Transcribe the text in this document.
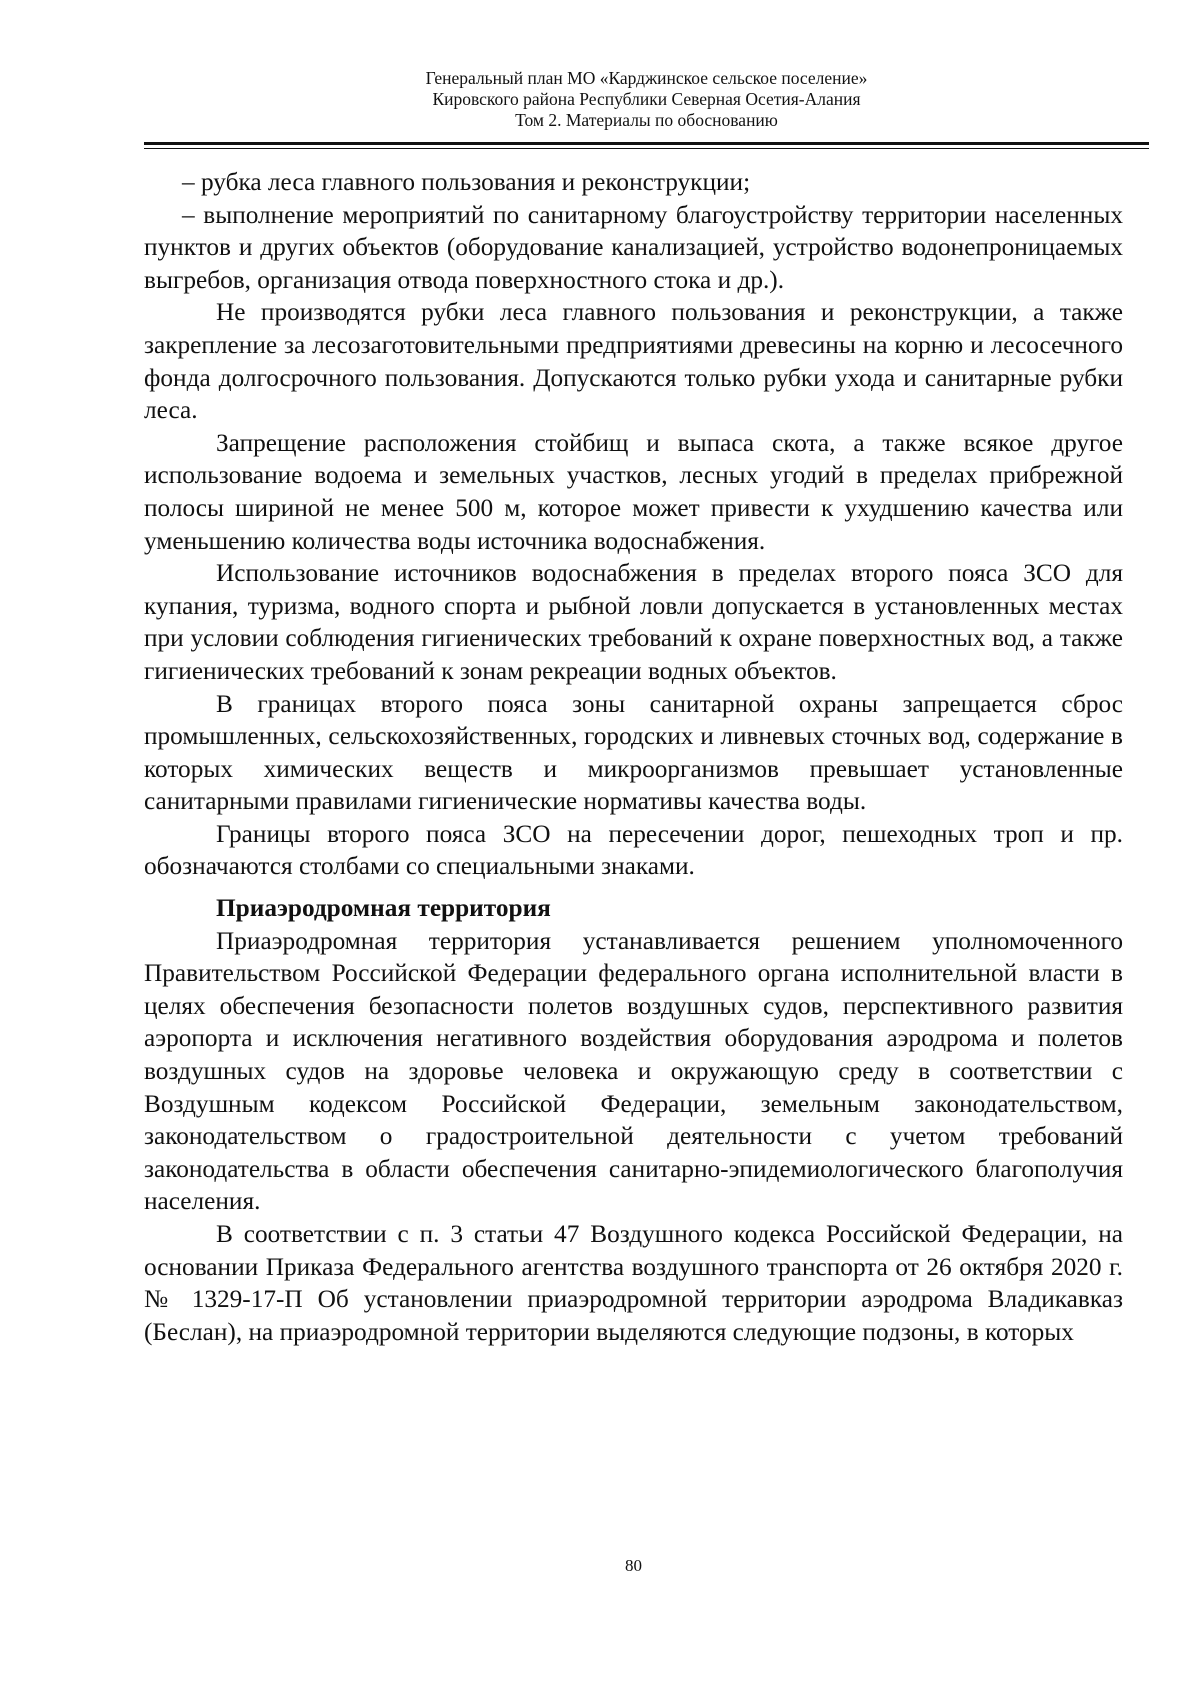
Генеральный план МО «Карджинское сельское поселение»
Кировского района Республики Северная Осетия-Алания
Том 2. Материалы по обоснованию

– рубка леса главного пользования и реконструкции;

– выполнение мероприятий по санитарному благоустройству территории населенных пунктов и других объектов (оборудование канализацией, устройство водонепроницаемых выгребов, организация отвода поверхностного стока и др.).

Не производятся рубки леса главного пользования и реконструкции, а также закрепление за лесозаготовительными предприятиями древесины на корню и лесосечного фонда долгосрочного пользования. Допускаются только рубки ухода и санитарные рубки леса.

Запрещение расположения стойбищ и выпаса скота, а также всякое другое использование водоема и земельных участков, лесных угодий в пределах прибрежной полосы шириной не менее 500 м, которое может привести к ухудшению качества или уменьшению количества воды источника водоснабжения.

Использование источников водоснабжения в пределах второго пояса ЗСО для купания, туризма, водного спорта и рыбной ловли допускается в установленных местах при условии соблюдения гигиенических требований к охране поверхностных вод, а также гигиенических требований к зонам рекреации водных объектов.

В границах второго пояса зоны санитарной охраны запрещается сброс промышленных, сельскохозяйственных, городских и ливневых сточных вод, содержание в которых химических веществ и микроорганизмов превышает установленные санитарными правилами гигиенические нормативы качества воды.

Границы второго пояса ЗСО на пересечении дорог, пешеходных троп и пр. обозначаются столбами со специальными знаками.

Приаэродромная территория

Приаэродромная территория устанавливается решением уполномоченного Правительством Российской Федерации федерального органа исполнительной власти в целях обеспечения безопасности полетов воздушных судов, перспективного развития аэропорта и исключения негативного воздействия оборудования аэродрома и полетов воздушных судов на здоровье человека и окружающую среду в соответствии с Воздушным кодексом Российской Федерации, земельным законодательством, законодательством о градостроительной деятельности с учетом требований законодательства в области обеспечения санитарно-эпидемиологического благополучия населения.

В соответствии с п. 3 статьи 47 Воздушного кодекса Российской Федерации, на основании Приказа Федерального агентства воздушного транспорта от 26 октября 2020 г. № 1329-17-П Об установлении приаэродромной территории аэродрома Владикавказ (Беслан), на приаэродромной территории выделяются следующие подзоны, в которых

80
